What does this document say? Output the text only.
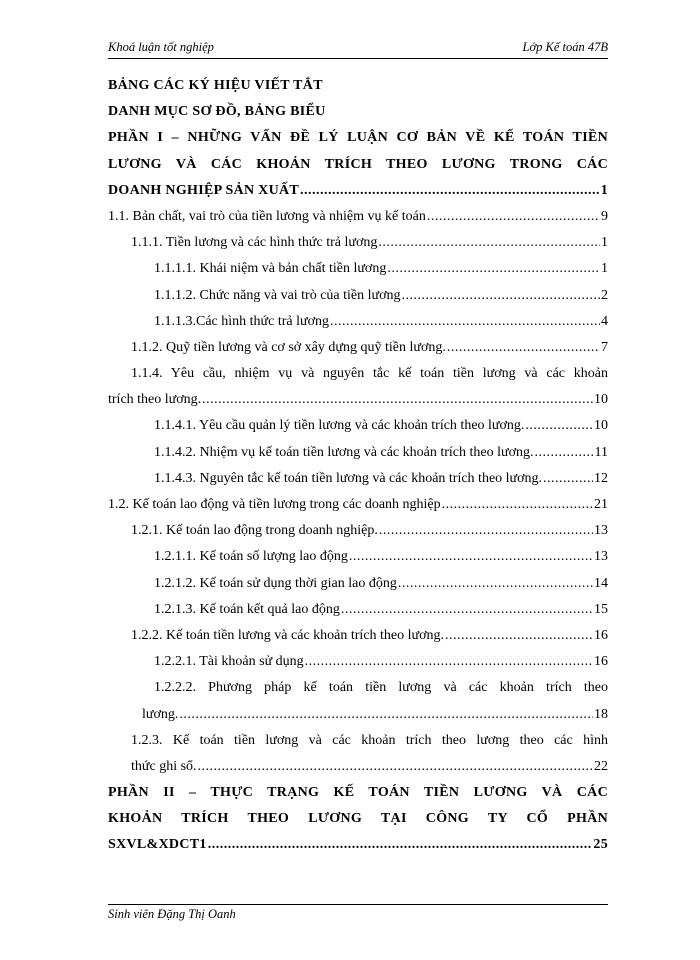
Khoá luận tốt nghiệp	Lớp Kế toán 47B
BẢNG CÁC KÝ HIỆU VIẾT TẮT
DANH MỤC SƠ ĐỒ, BẢNG BIỂU
PHẦN I – NHỮNG VẤN ĐỀ LÝ LUẬN CƠ BẢN VỀ KẾ TOÁN TIỀN
LƯƠNG VÀ CÁC KHOẢN TRÍCH THEO LƯƠNG TRONG CÁC
DOANH NGHIỆP SẢN XUẤT .....	1
1.1. Bản chất, vai trò của tiền lương và nhiệm vụ kế toán .....	9
1.1.1. Tiền lương và các hình thức trả lương .....	1
1.1.1.1. Khái niệm và bản chất tiền lương .....	1
1.1.1.2. Chức năng và vai trò của tiền lương .....	2
1.1.1.3.Các hình thức trả lương .....	4
1.1.2. Quỹ tiền lương và cơ sở xây dựng quỹ tiền lương. .....	7
1.1.4. Yêu cầu, nhiệm vụ và nguyên tắc kế toán tiền lương và các khoản
trích theo lương. .....	10
1.1.4.1. Yêu cầu quản lý tiền lương và các khoản trích theo lương. .....	10
1.1.4.2. Nhiệm vụ kế toán tiền lương và các khoản trích theo lương. .....	11
1.1.4.3. Nguyên tắc kế toán tiền lương và các khoản trích theo lương. .....	12
1.2. Kế toán lao động và tiền lương trong các doanh nghiệp .....	21
1.2.1. Kế toán lao động trong doanh nghiệp. .....	13
1.2.1.1. Kế toán số lượng lao động .....	13
1.2.1.2. Kế toán sử dụng thời gian lao động .....	14
1.2.1.3. Kế toán kết quả lao động .....	15
1.2.2. Kế toán tiền lương và các khoản trích theo lương. .....	16
1.2.2.1. Tài khoản sử dụng .....	16
1.2.2.2. Phương pháp kế toán tiền lương và các khoản trích theo
lương. .....	18
1.2.3. Kế toán tiền lương và các khoản trích theo lương theo các hình
thức ghi sổ. .....	22
PHẦN II – THỰC TRẠNG KẾ TOÁN TIỀN LƯƠNG VÀ CÁC
KHOẢN TRÍCH THEO LƯƠNG TẠI CÔNG TY CỔ PHẦN
SXVL&XDCT1 .....	25
Sinh viên Đặng Thị Oanh
